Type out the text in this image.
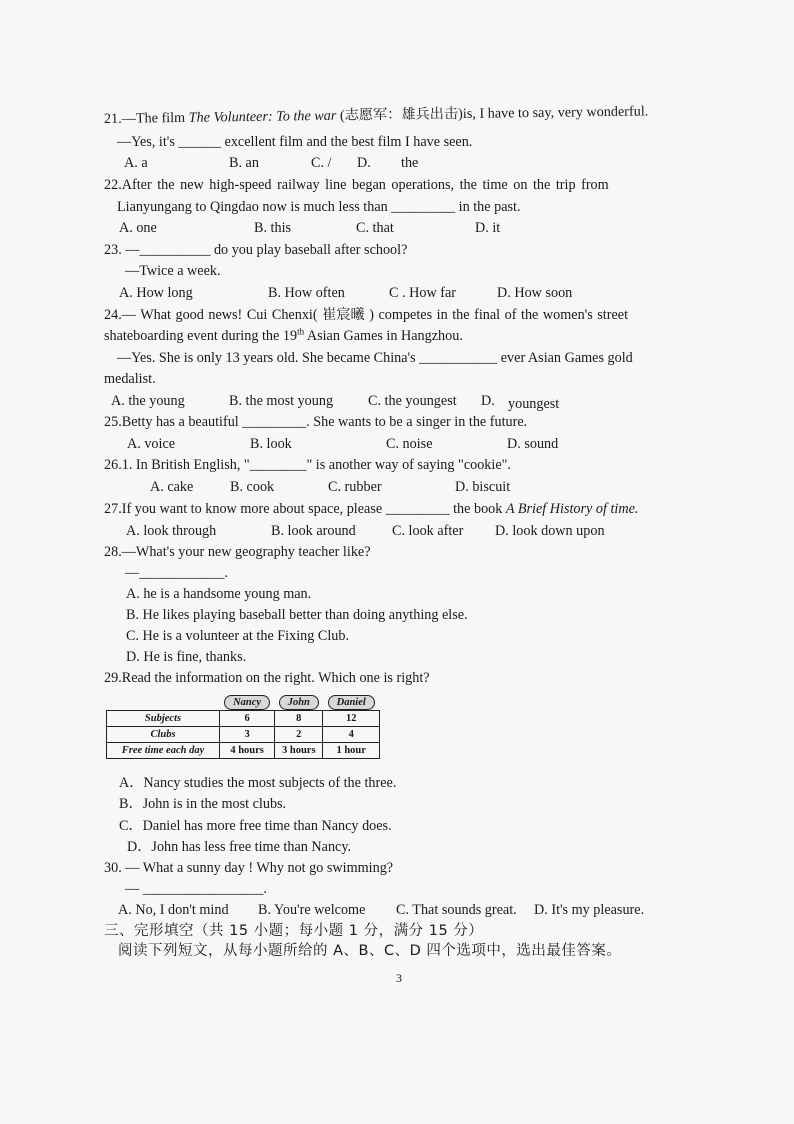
21.—The film The Volunteer: To the war (志愿军：雄兵出击)is, I have to say, very wonderful.
—Yes, it's ______ excellent film and the best film I have seen.
A. a	B. an	C. / D. the
22.After the new high-speed railway line began operations, the time on the trip from
Lianyungang to Qingdao now is much less than _________ in the past.
A. one	B. this	C. that	D. it
23. —__________ do you play baseball after school?
—Twice a week.
A. How long	B. How often	C . How far	D. How soon
24.— What good news! Cui Chenxi( 崔宸曦 ) competes in the final of the women's street
shateboarding event during the 19th Asian Games in Hangzhou.
—Yes. She is only 13 years old. She became China's ___________ ever Asian Games gold
medalist.
A. the young	B. the most young C. the youngest D. youngest
25.Betty has a beautiful _________. She wants to be a singer in the future.
A. voice	B. look	C. noise	D. sound
26.1. In British English, "________" is another way of saying "cookie".
A. cake	B. cook	C. rubber	D. biscuit
27.If you want to know more about space, please _________ the book A Brief History of time.
A. look through	B. look around	C. look after D. look down upon
28.—What's your new geography teacher like?
—____________.
A. he is a handsome young man.
B. He likes playing baseball better than doing anything else.
C. He is a volunteer at the Fixing Club.
D. He is fine, thanks.
29.Read the information on the right. Which one is right?
	Nancy	John	Daniel
Subjects	6	8	12
Clubs	3	2	4
Free time each day	4 hours	3 hours	1 hour
A．Nancy studies the most subjects of the three.
B．John is in the most clubs.
C．Daniel has more free time than Nancy does.
D．John has less free time than Nancy.
30. — What a sunny day ! Why not go swimming?
— _________________.
A. No, I don't mind B. You're welcome C. That sounds great. D. It's my pleasure.
三、完形填空（共 15 小题；每小题 1 分，满分 15 分）
阅读下列短文，从每小题所给的 A、B、C、D 四个选项中，选出最佳答案。
3
